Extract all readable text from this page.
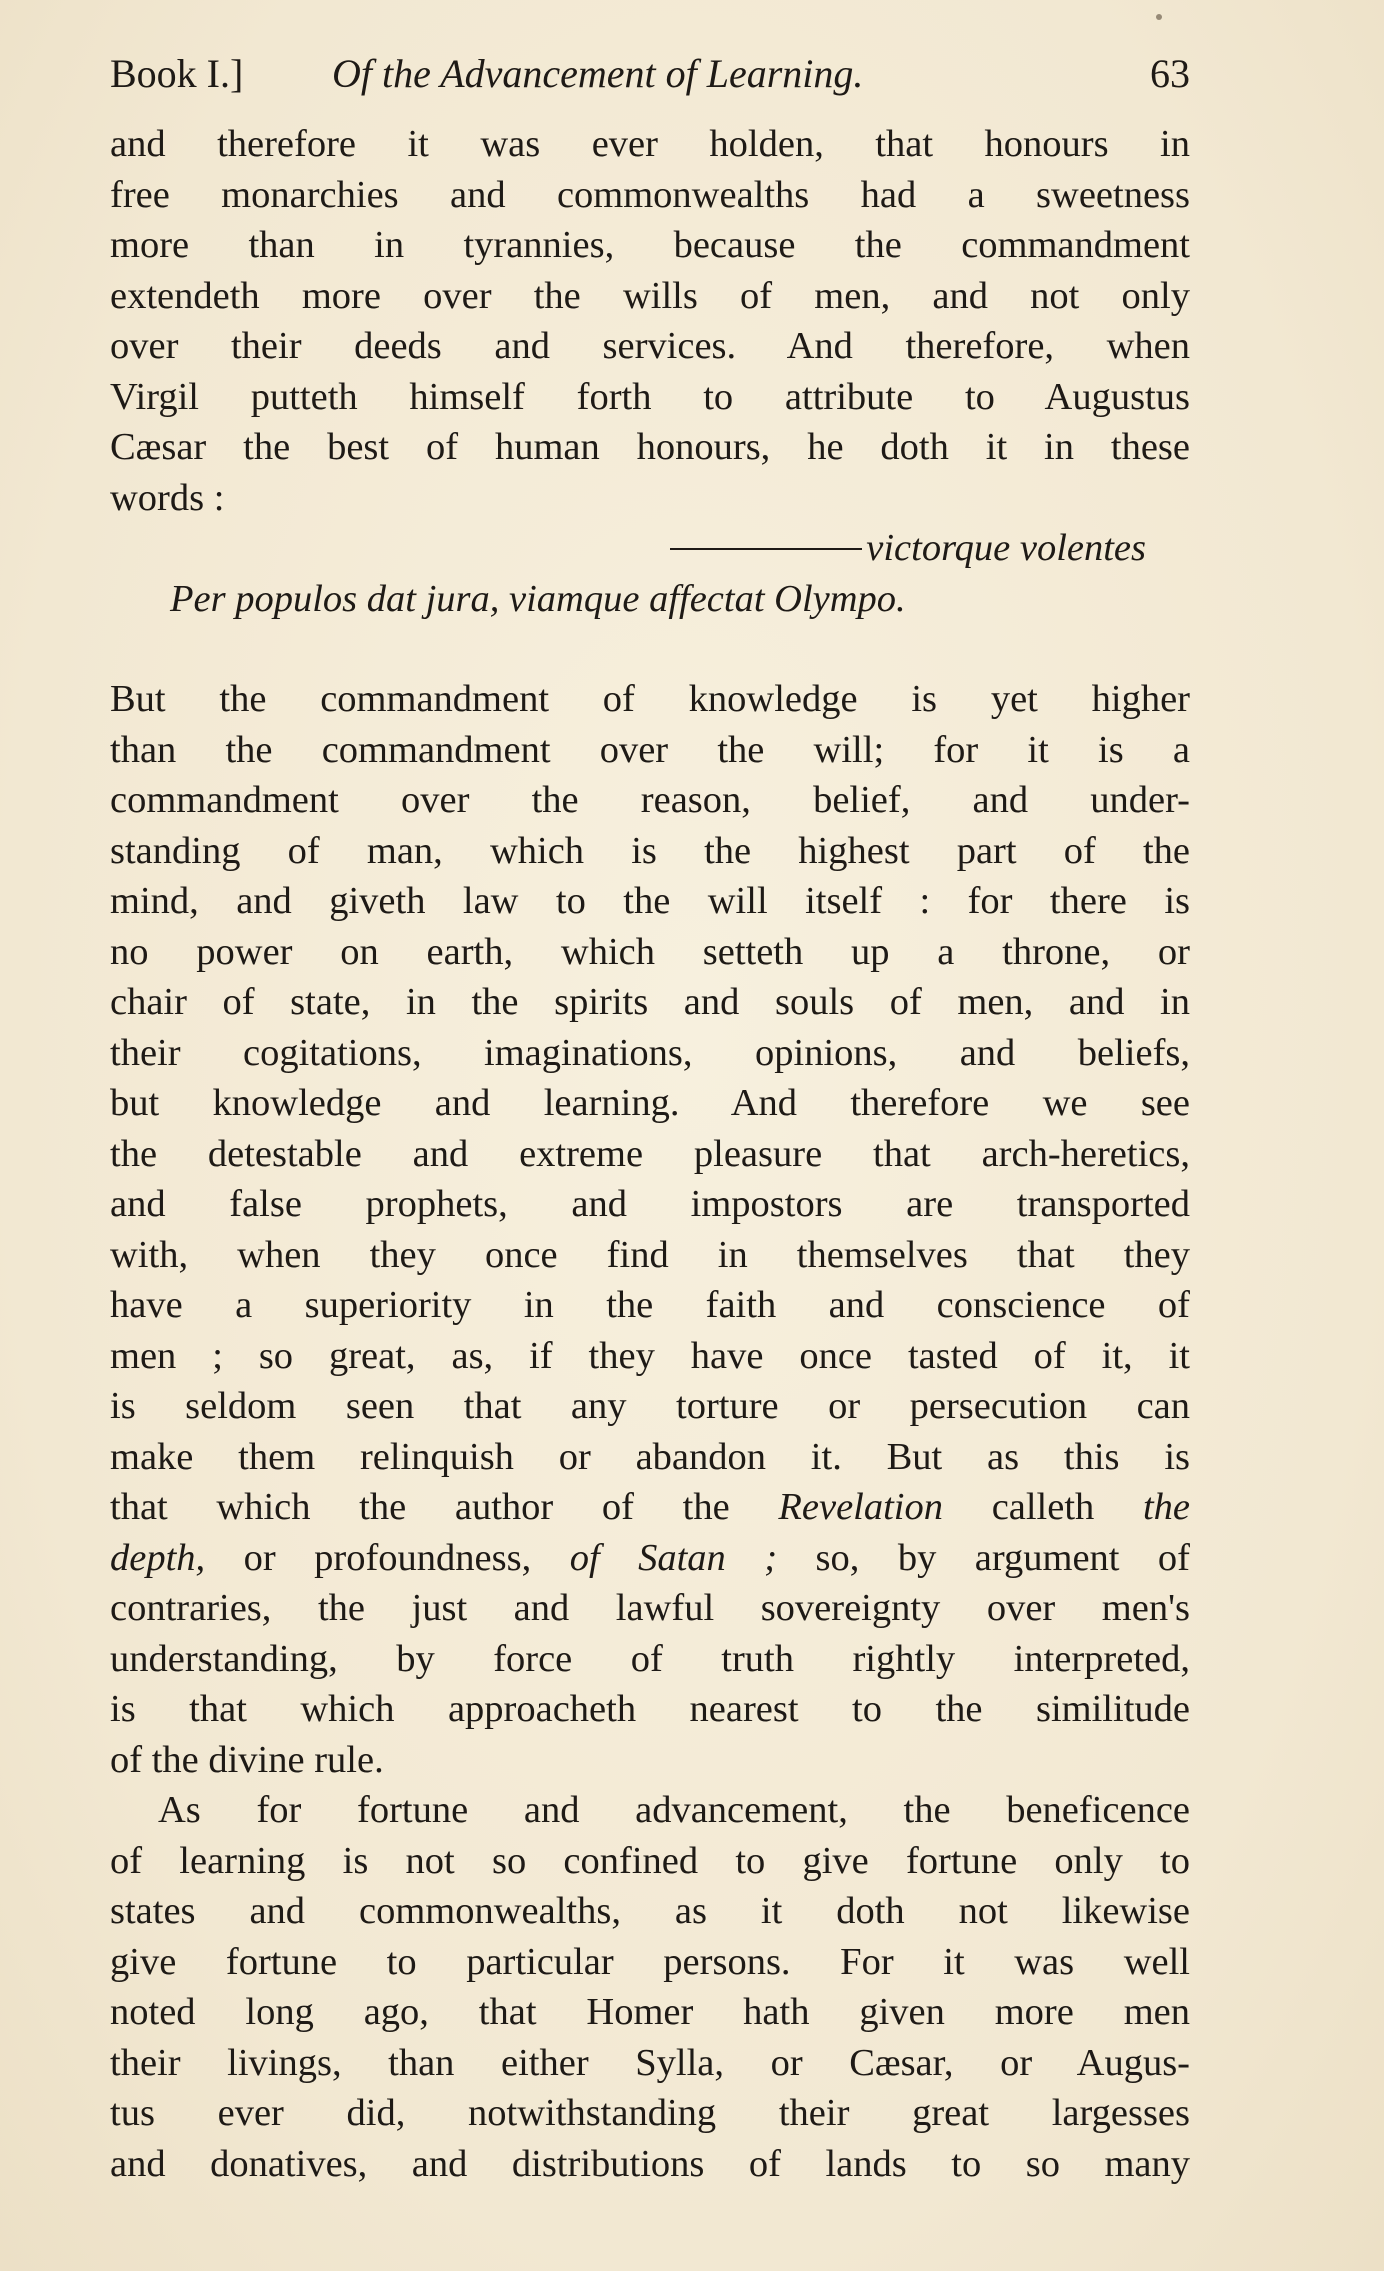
Book I.] Of the Advancement of Learning.	63
and therefore it was ever holden, that honours in
free monarchies and commonwealths had a sweetness
more than in tyrannies, because the commandment
extendeth more over the wills of men, and not only
over their deeds and services. And therefore, when
Virgil putteth himself forth to attribute to Augustus
Cæsar the best of human honours, he doth it in these
words :
victorque volentes
Per populos dat jura, viamque affectat Olympo.
But the commandment of knowledge is yet higher
than the commandment over the will; for it is a
commandment over the reason, belief, and under-
standing of man, which is the highest part of the
mind, and giveth law to the will itself : for there is
no power on earth, which setteth up a throne, or
chair of state, in the spirits and souls of men, and in
their cogitations, imaginations, opinions, and beliefs,
but knowledge and learning. And therefore we see
the detestable and extreme pleasure that arch-heretics,
and false prophets, and impostors are transported
with, when they once find in themselves that they
have a superiority in the faith and conscience of
men ; so great, as, if they have once tasted of it, it
is seldom seen that any torture or persecution can
make them relinquish or abandon it. But as this is
that which the author of the Revelation calleth the
depth, or profoundness, of Satan ; so, by argument of
contraries, the just and lawful sovereignty over men's
understanding, by force of truth rightly interpreted,
is that which approacheth nearest to the similitude
of the divine rule.
As for fortune and advancement, the beneficence
of learning is not so confined to give fortune only to
states and commonwealths, as it doth not likewise
give fortune to particular persons. For it was well
noted long ago, that Homer hath given more men
their livings, than either Sylla, or Cæsar, or Augus-
tus ever did, notwithstanding their great largesses
and donatives, and distributions of lands to so many
